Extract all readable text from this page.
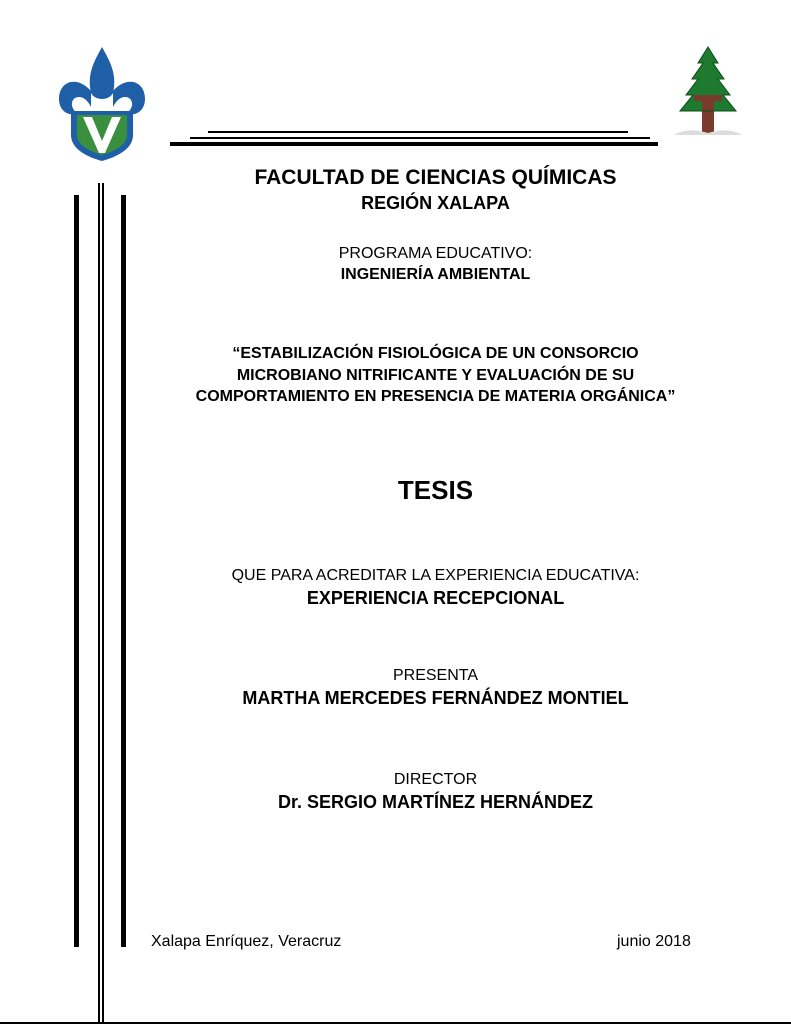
FACULTAD DE CIENCIAS QUÍMICAS
REGIÓN XALAPA
PROGRAMA EDUCATIVO:
INGENIERÍA AMBIENTAL
“ESTABILIZACIÓN FISIOLÓGICA DE UN CONSORCIO
MICROBIANO NITRIFICANTE Y EVALUACIÓN DE SU
COMPORTAMIENTO EN PRESENCIA DE MATERIA ORGÁNICA”
TESIS
QUE PARA ACREDITAR LA EXPERIENCIA EDUCATIVA:
EXPERIENCIA RECEPCIONAL
PRESENTA
MARTHA MERCEDES FERNÁNDEZ MONTIEL
DIRECTOR
Dr. SERGIO MARTÍNEZ HERNÁNDEZ
Xalapa Enríquez, Veracruz	junio 2018
